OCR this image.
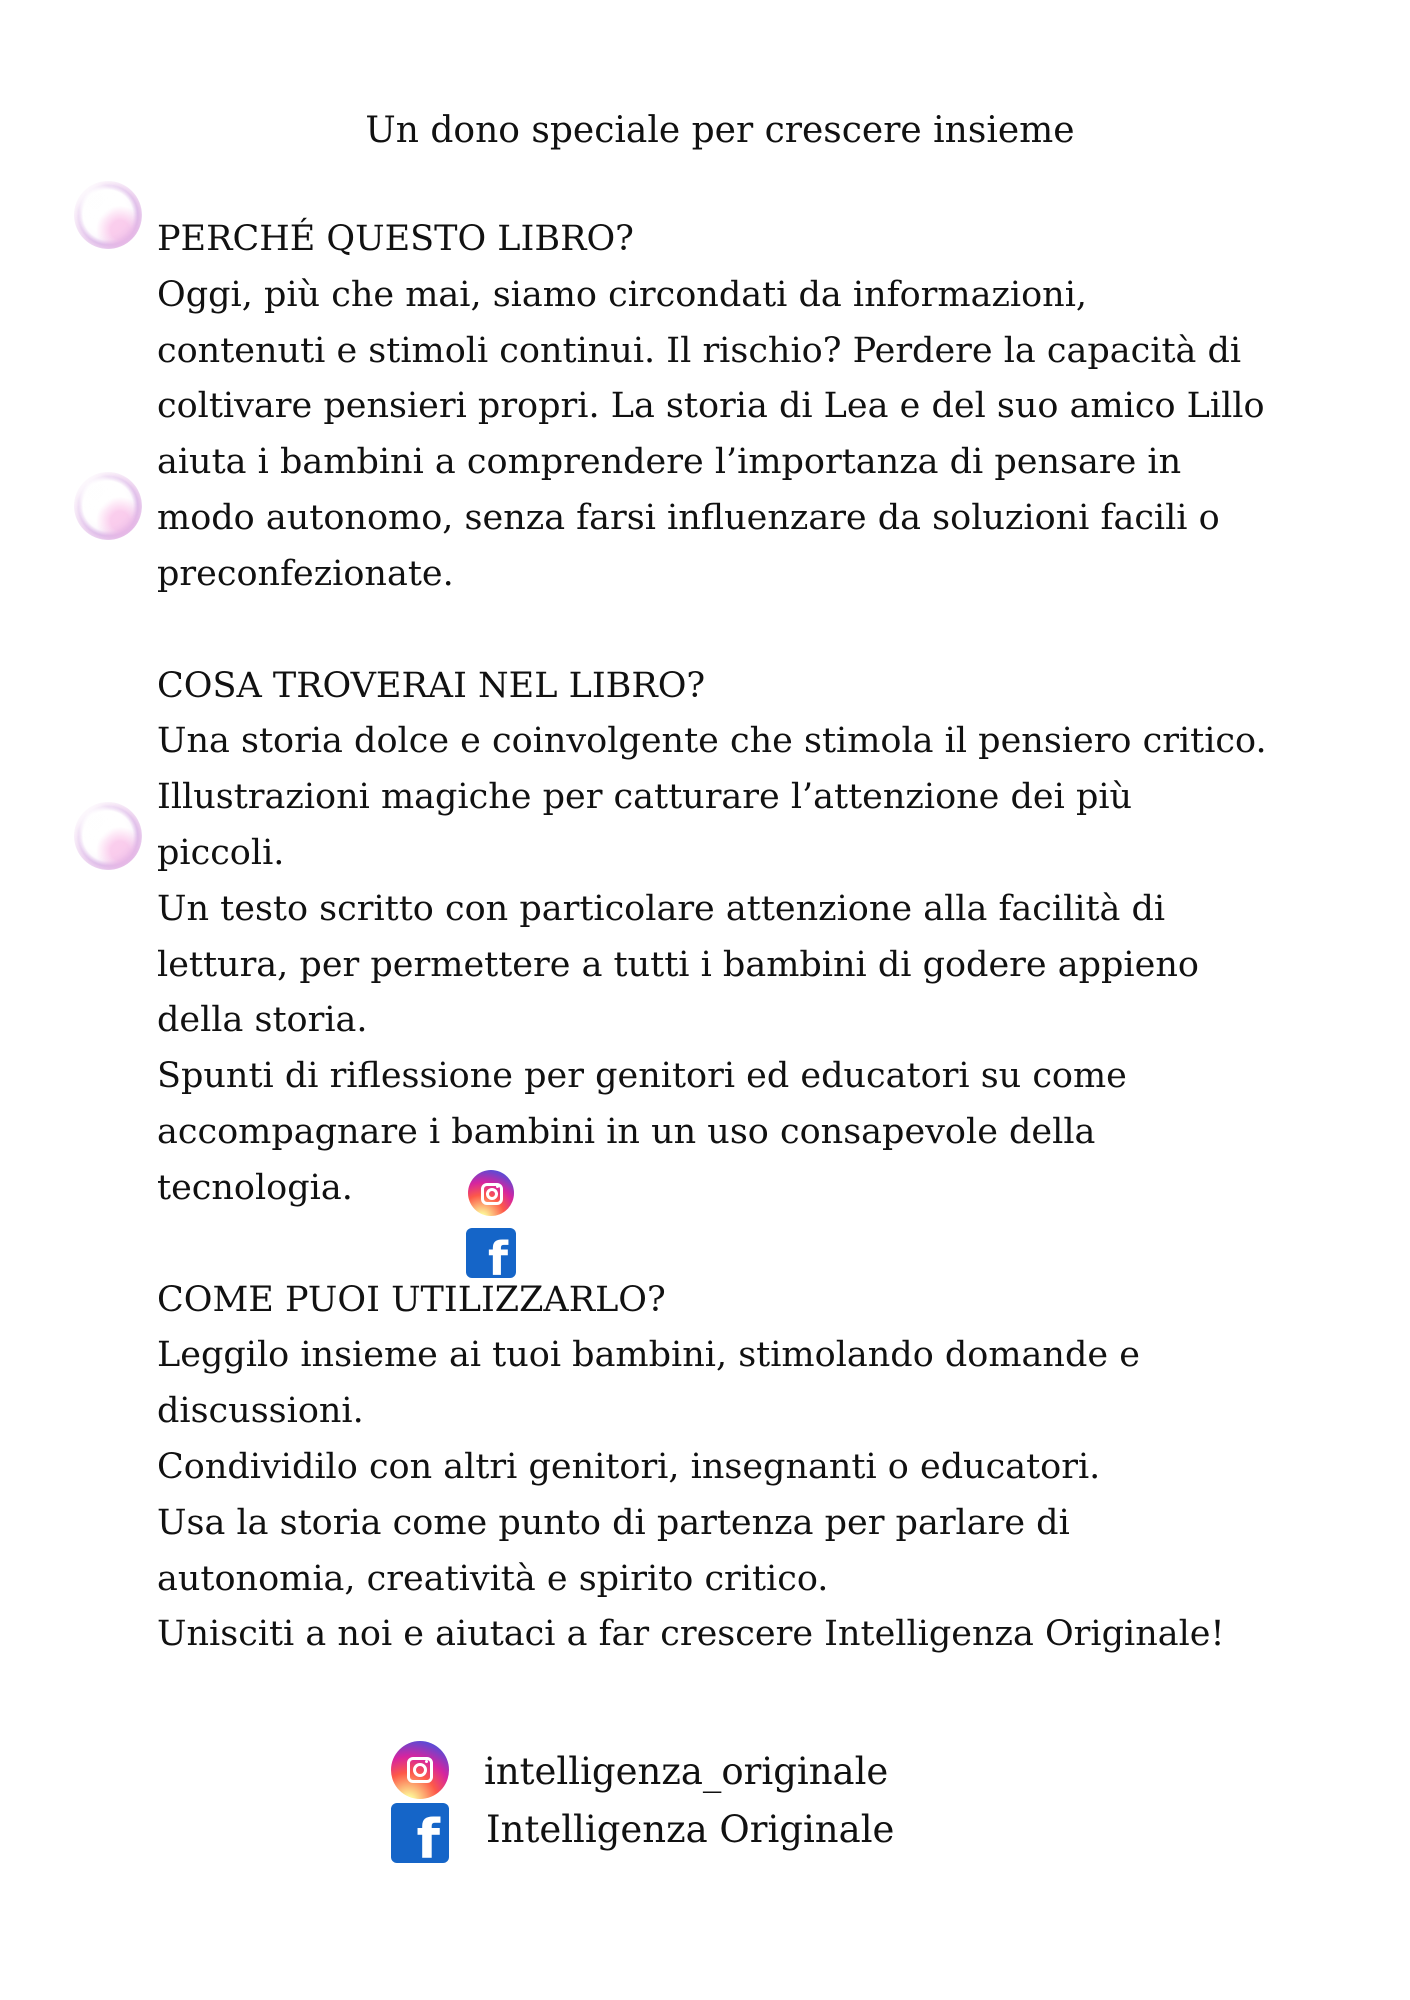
Un dono speciale per crescere insieme
PERCHÉ QUESTO LIBRO?
Oggi, più che mai, siamo circondati da informazioni,
contenuti e stimoli continui. Il rischio? Perdere la capacità di
coltivare pensieri propri. La storia di Lea e del suo amico Lillo
aiuta i bambini a comprendere l’importanza di pensare in
modo autonomo, senza farsi influenzare da soluzioni facili o
preconfezionate.
COSA TROVERAI NEL LIBRO?
Una storia dolce e coinvolgente che stimola il pensiero critico.
Illustrazioni magiche per catturare l’attenzione dei più
piccoli.
Un testo scritto con particolare attenzione alla facilità di
lettura, per permettere a tutti i bambini di godere appieno
della storia.
Spunti di riflessione per genitori ed educatori su come
accompagnare i bambini in un uso consapevole della
tecnologia.
COME PUOI UTILIZZARLO?
Leggilo insieme ai tuoi bambini, stimolando domande e
discussioni.
Condividilo con altri genitori, insegnanti o educatori.
Usa la storia come punto di partenza per parlare di
autonomia, creatività e spirito critico.
Unisciti a noi e aiutaci a far crescere Intelligenza Originale!
f
intelligenza_originale
f Intelligenza Originale
